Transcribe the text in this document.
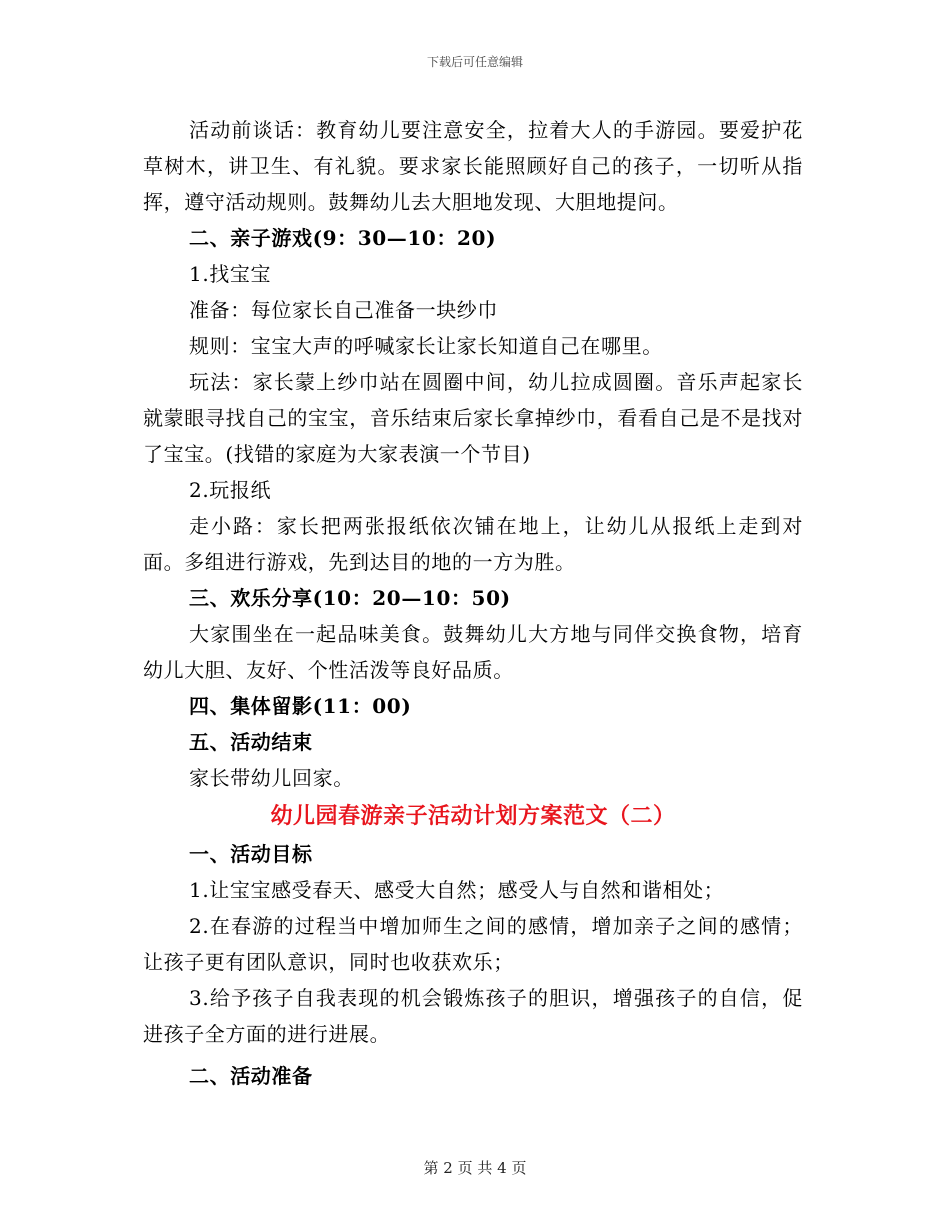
下载后可任意编辑

活动前谈话：教育幼儿要注意安全，拉着大人的手游园。要爱护花草树木，讲卫生、有礼貌。要求家长能照顾好自己的孩子，一切听从指挥，遵守活动规则。鼓舞幼儿去大胆地发现、大胆地提问。

二、亲子游戏(9：30—10：20)

1.找宝宝

准备：每位家长自己准备一块纱巾

规则：宝宝大声的呼喊家长让家长知道自己在哪里。

玩法：家长蒙上纱巾站在圆圈中间，幼儿拉成圆圈。音乐声起家长就蒙眼寻找自己的宝宝，音乐结束后家长拿掉纱巾，看看自己是不是找对了宝宝。(找错的家庭为大家表演一个节目)

2.玩报纸

走小路：家长把两张报纸依次铺在地上，让幼儿从报纸上走到对面。多组进行游戏，先到达目的地的一方为胜。

三、欢乐分享(10：20—10：50)

大家围坐在一起品味美食。鼓舞幼儿大方地与同伴交换食物，培育幼儿大胆、友好、个性活泼等良好品质。

四、集体留影(11：00)

五、活动结束

家长带幼儿回家。

幼儿园春游亲子活动计划方案范文（二）

一、活动目标

1.让宝宝感受春天、感受大自然；感受人与自然和谐相处；

2.在春游的过程当中增加师生之间的感情，增加亲子之间的感情；让孩子更有团队意识，同时也收获欢乐；

3.给予孩子自我表现的机会锻炼孩子的胆识，增强孩子的自信，促进孩子全方面的进行进展。

二、活动准备

第 2 页 共 4 页
